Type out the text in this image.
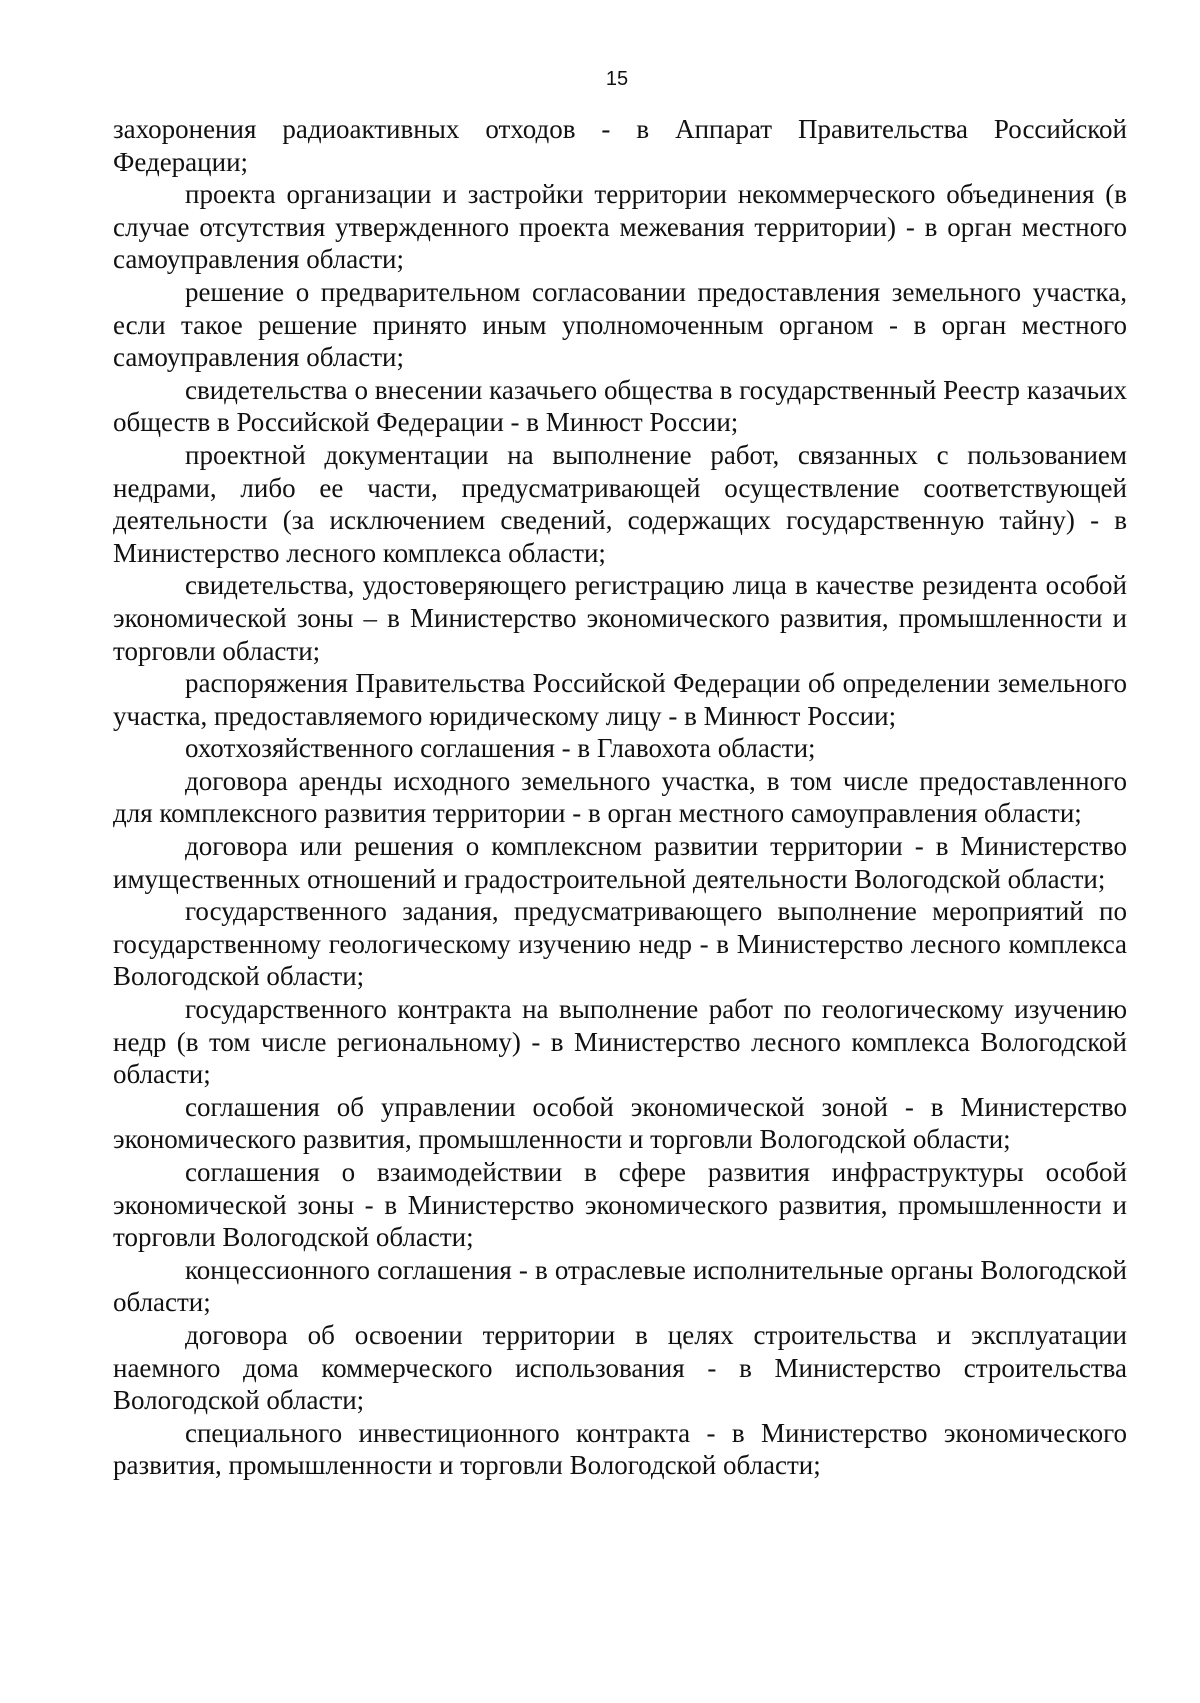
15

захоронения радиоактивных отходов - в Аппарат Правительства Российской Федерации;

проекта организации и застройки территории некоммерческого объединения (в случае отсутствия утвержденного проекта межевания территории) - в орган местного самоуправления области;

решение о предварительном согласовании предоставления земельного участка, если такое решение принято иным уполномоченным органом - в орган местного самоуправления области;

свидетельства о внесении казачьего общества в государственный Реестр казачьих обществ в Российской Федерации - в Минюст России;

проектной документации на выполнение работ, связанных с пользованием недрами, либо ее части, предусматривающей осуществление соответствующей деятельности (за исключением сведений, содержащих государственную тайну) - в Министерство лесного комплекса области;

свидетельства, удостоверяющего регистрацию лица в качестве резидента особой экономической зоны – в Министерство экономического развития, промышленности и торговли области;

распоряжения Правительства Российской Федерации об определении земельного участка, предоставляемого юридическому лицу - в Минюст России;

охотхозяйственного соглашения - в Главохота области;

договора аренды исходного земельного участка, в том числе предоставленного для комплексного развития территории - в орган местного самоуправления области;

договора или решения о комплексном развитии территории - в Министерство имущественных отношений и градостроительной деятельности Вологодской области;

государственного задания, предусматривающего выполнение мероприятий по государственному геологическому изучению недр - в Министерство лесного комплекса Вологодской области;

государственного контракта на выполнение работ по геологическому изучению недр (в том числе региональному) - в Министерство лесного комплекса Вологодской области;

соглашения об управлении особой экономической зоной - в Министерство экономического развития, промышленности и торговли Вологодской области;

соглашения о взаимодействии в сфере развития инфраструктуры особой экономической зоны - в Министерство экономического развития, промышленности и торговли Вологодской области;

концессионного соглашения - в отраслевые исполнительные органы Вологодской области;

договора об освоении территории в целях строительства и эксплуатации наемного дома коммерческого использования - в Министерство строительства Вологодской области;

специального инвестиционного контракта - в Министерство экономического развития, промышленности и торговли Вологодской области;
